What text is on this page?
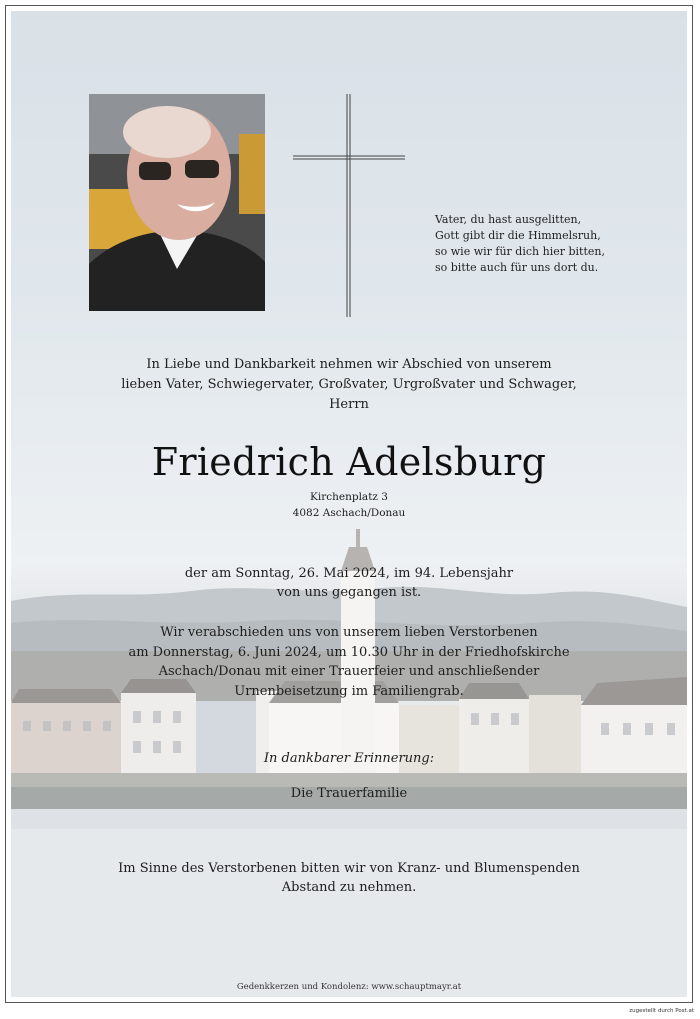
Vater, du hast ausgelitten,
Gott gibt dir die Himmelsruh,
so wie wir für dich hier bitten,
so bitte auch für uns dort du.
In Liebe und Dankbarkeit nehmen wir Abschied von unserem
lieben Vater, Schwiegervater, Großvater, Urgroßvater und Schwager,
Herrn
Friedrich Adelsburg
Kirchenplatz 3
4082 Aschach/Donau
der am Sonntag, 26. Mai 2024, im 94. Lebensjahr
von uns gegangen ist.
Wir verabschieden uns von unserem lieben Verstorbenen
am Donnerstag, 6. Juni 2024, um 10.30 Uhr in der Friedhofskirche
Aschach/Donau mit einer Trauerfeier und anschließender
Urnenbeisetzung im Familiengrab.
In dankbarer Erinnerung:
Die Trauerfamilie
Im Sinne des Verstorbenen bitten wir von Kranz- und Blumenspenden
Abstand zu nehmen.
Gedenkkerzen und Kondolenz: www.schauptmayr.at
zugestellt durch Post.at
